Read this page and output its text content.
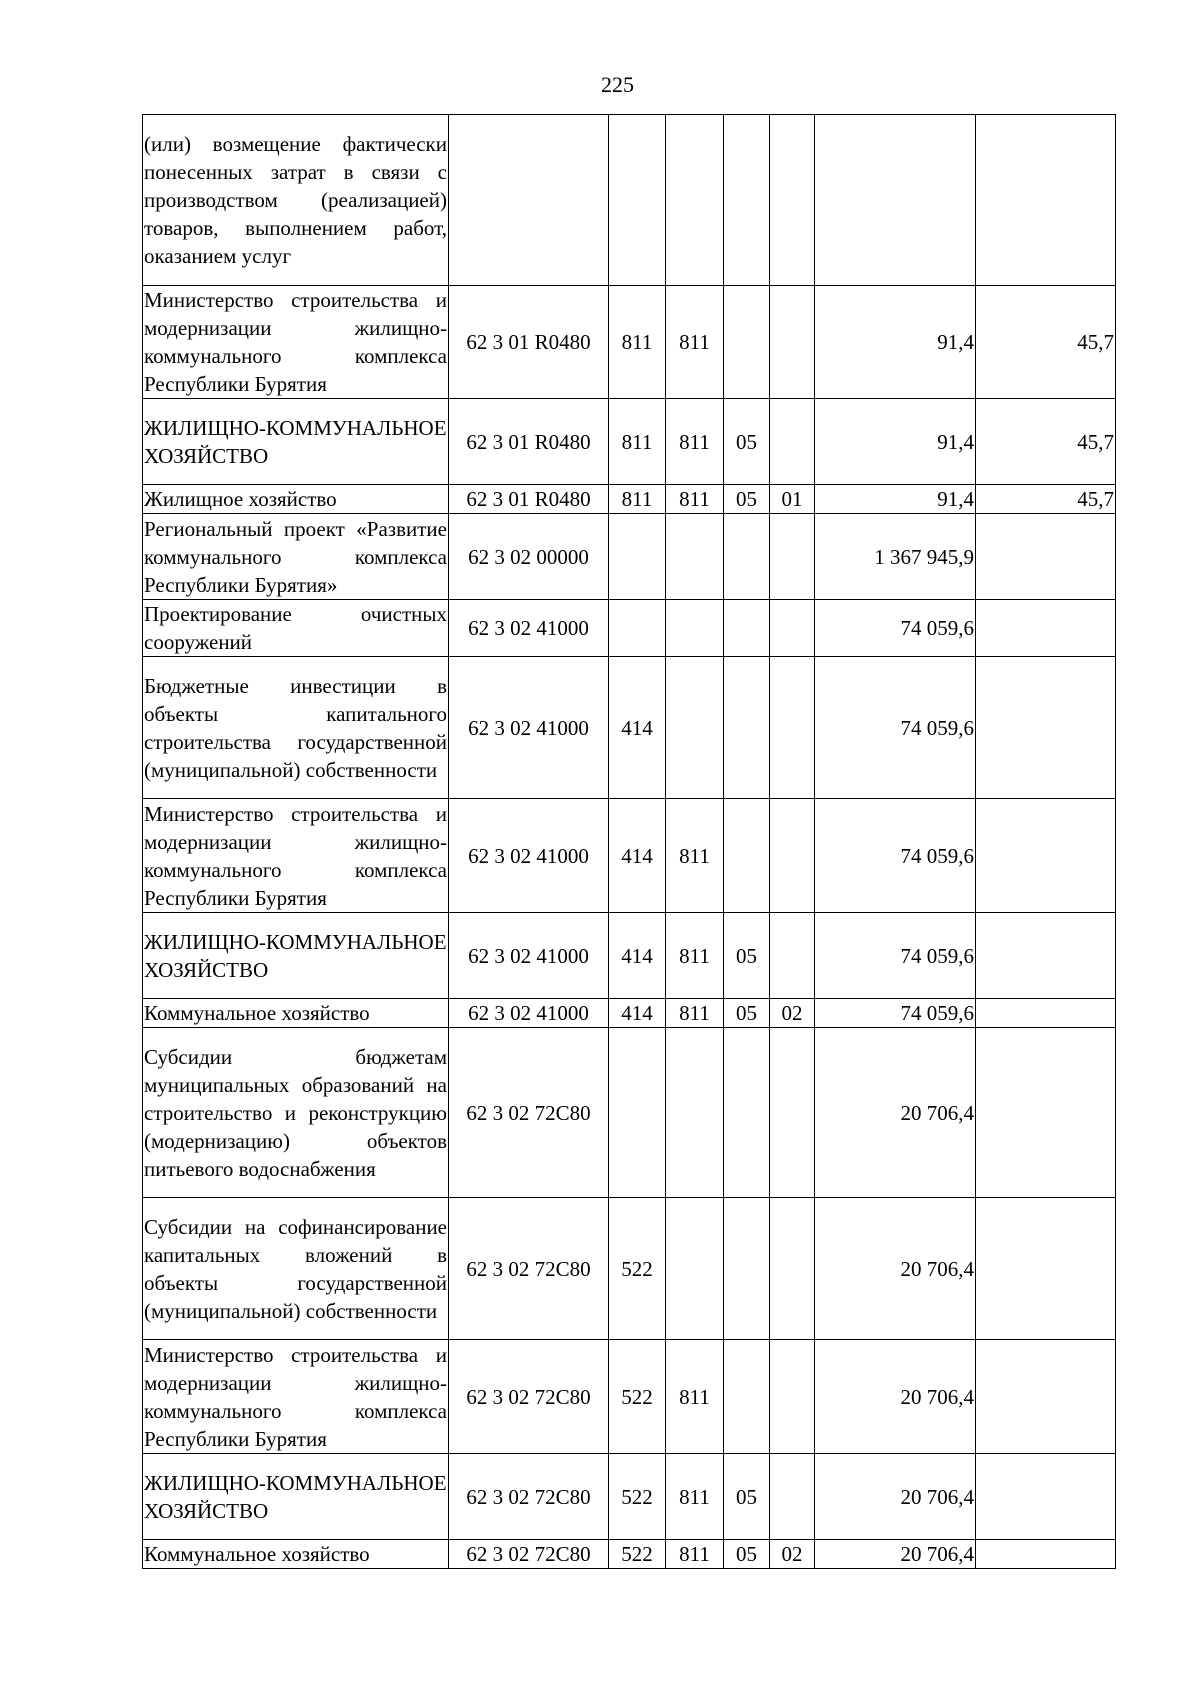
225
(или) возмещение фактически понесенных затрат в связи с производством (реализацией) товаров, выполнением работ, оказанием услуг							
Министерство строительства и модернизации жилищно-коммунального комплекса Республики Бурятия	62 3 01 R0480	811	811			91,4	45,7
ЖИЛИЩНО-КОММУНАЛЬНОЕ ХОЗЯЙСТВО	62 3 01 R0480	811	811	05		91,4	45,7
Жилищное хозяйство	62 3 01 R0480	811	811	05	01	91,4	45,7
Региональный проект «Развитие коммунального комплекса Республики Бурятия»	62 3 02 00000					1 367 945,9	
Проектирование очистных сооружений	62 3 02 41000					74 059,6	
Бюджетные инвестиции в объекты капитального строительства государственной (муниципальной) собственности	62 3 02 41000	414				74 059,6	
Министерство строительства и модернизации жилищно-коммунального комплекса Республики Бурятия	62 3 02 41000	414	811			74 059,6	
ЖИЛИЩНО-КОММУНАЛЬНОЕ ХОЗЯЙСТВО	62 3 02 41000	414	811	05		74 059,6	
Коммунальное хозяйство	62 3 02 41000	414	811	05	02	74 059,6	
Субсидии бюджетам муниципальных образований на строительство и реконструкцию (модернизацию) объектов питьевого водоснабжения	62 3 02 72С80					20 706,4	
Субсидии на софинансирование капитальных вложений в объекты государственной (муниципальной) собственности	62 3 02 72С80	522				20 706,4	
Министерство строительства и модернизации жилищно-коммунального комплекса Республики Бурятия	62 3 02 72С80	522	811			20 706,4	
ЖИЛИЩНО-КОММУНАЛЬНОЕ ХОЗЯЙСТВО	62 3 02 72С80	522	811	05		20 706,4	
Коммунальное хозяйство	62 3 02 72С80	522	811	05	02	20 706,4	
